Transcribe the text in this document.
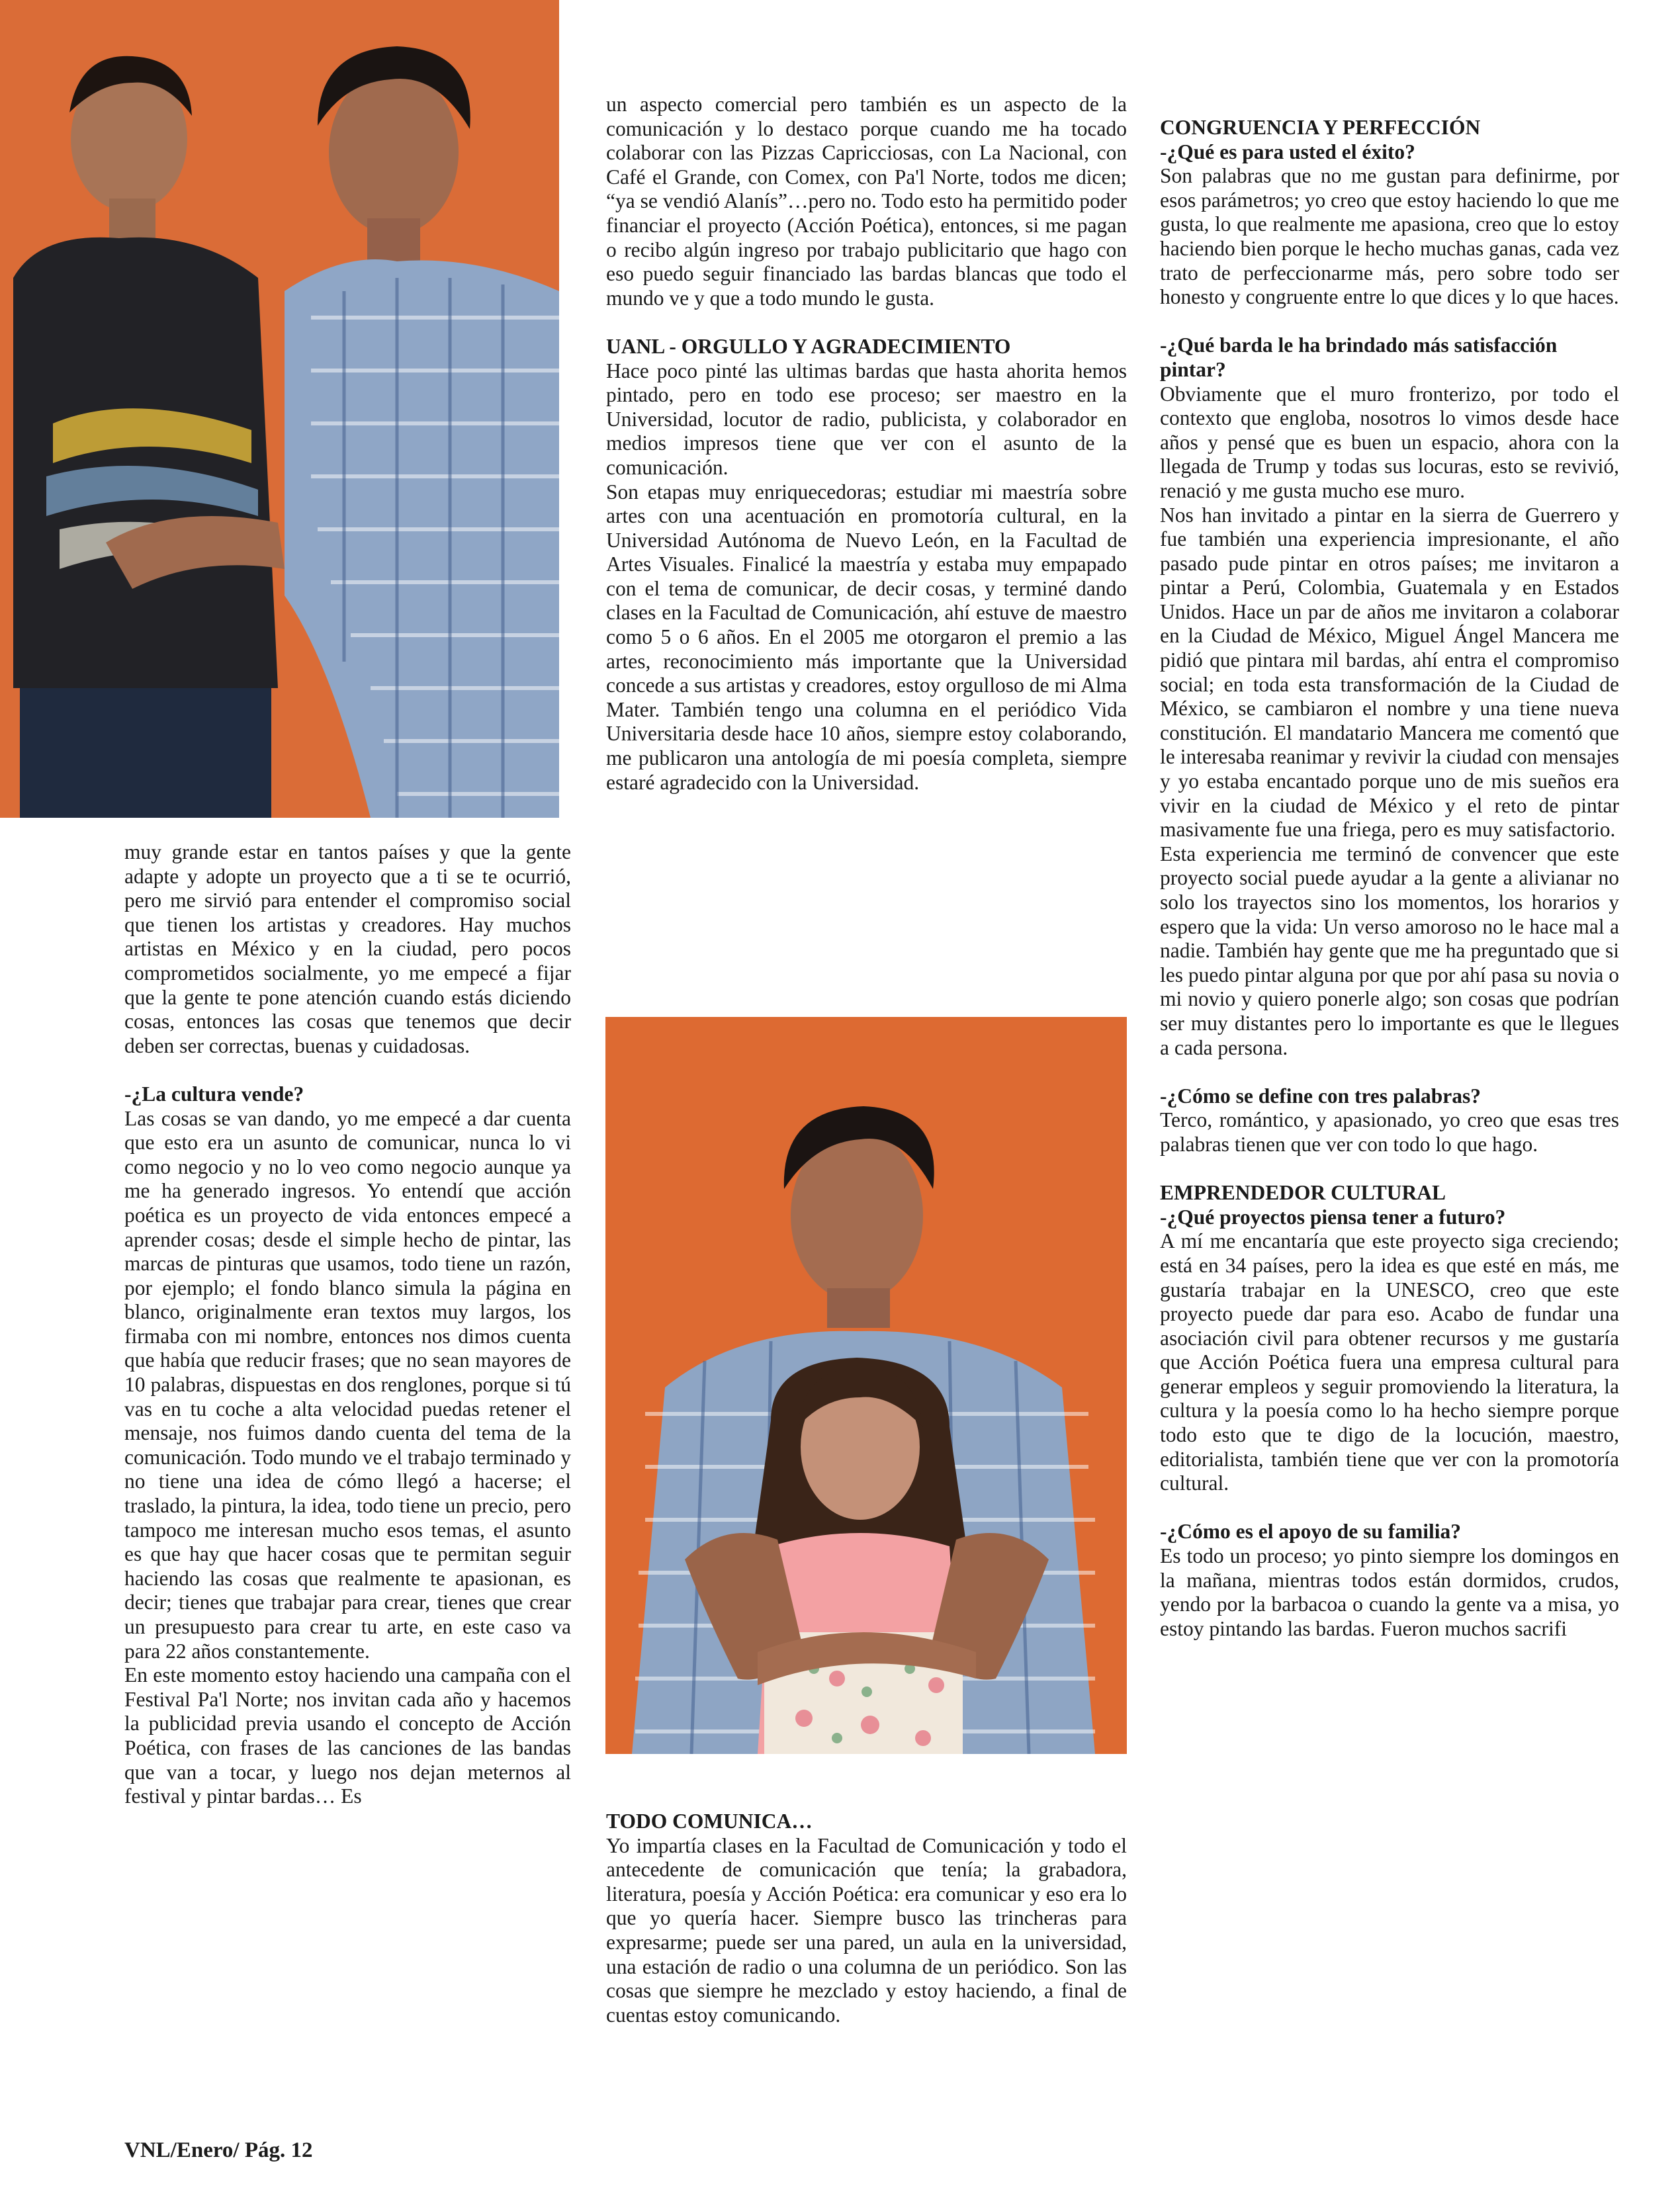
muy grande estar en tantos países y que la gente adapte y adopte un proyecto que a ti se te ocurrió, pero me sirvió para entender el compromiso social que tienen los artistas y creadores. Hay muchos artistas en México y en la ciudad, pero pocos comprometidos socialmente, yo me empecé a fijar que la gente te pone atención cuando estás diciendo cosas, entonces las cosas que tenemos que decir deben ser correctas, buenas y cuidadosas.

-¿La cultura vende?

Las cosas se van dando, yo me empecé a dar cuenta que esto era un asunto de comunicar, nunca lo vi como negocio y no lo veo como negocio aunque ya me ha generado ingresos. Yo entendí que acción poética es un proyecto de vida entonces empecé a aprender cosas; desde el simple hecho de pintar, las marcas de pinturas que usamos, todo tiene un razón, por ejemplo; el fondo blanco simula la página en blanco, originalmente eran textos muy largos, los firmaba con mi nombre, entonces nos dimos cuenta que había que reducir frases; que no sean mayores de 10 palabras, dispuestas en dos renglones, porque si tú vas en tu coche a alta velocidad puedas retener el mensaje, nos fuimos dando cuenta del tema de la comunicación. Todo mundo ve el trabajo terminado y no tiene una idea de cómo llegó a hacerse; el traslado, la pintura, la idea, todo tiene un precio, pero tampoco me interesan mucho esos temas, el asunto es que hay que hacer cosas que te permitan seguir haciendo las cosas que realmente te apasionan, es decir; tienes que trabajar para crear, tienes que crear un presupuesto para crear tu arte, en este caso va para 22 años constantemente.

En este momento estoy haciendo una campaña con el Festival Pa'l Norte; nos invitan cada año y hacemos la publicidad previa usando el concepto de Acción Poética, con frases de las canciones de las bandas que van a tocar, y luego nos dejan meternos al festival y pintar bardas… Es

un aspecto comercial pero también es un aspecto de la comunicación y lo destaco porque cuando me ha tocado colaborar con las Pizzas Capricciosas, con La Nacional, con Café el Grande, con Comex, con Pa'l Norte, todos me dicen; “ya se vendió Alanís”…pero no. Todo esto ha permitido poder financiar el proyecto (Acción Poética), entonces, si me pagan o recibo algún ingreso por trabajo publicitario que hago con eso puedo seguir financiado las bardas blancas que todo el mundo ve y que a todo mundo le gusta.

UANL - ORGULLO Y AGRADECIMIENTO

Hace poco pinté las ultimas bardas que hasta ahorita hemos pintado, pero en todo ese proceso; ser maestro en la Universidad, locutor de radio, publicista, y colaborador en medios impresos tiene que ver con el asunto de la comunicación.

Son etapas muy enriquecedoras; estudiar mi maestría sobre artes con una acentuación en promotoría cultural, en la Universidad Autónoma de Nuevo León, en la Facultad de Artes Visuales. Finalicé la maestría y estaba muy empapado con el tema de comunicar, de decir cosas, y terminé dando clases en la Facultad de Comunicación, ahí estuve de maestro como 5 o 6 años. En el 2005 me otorgaron el premio a las artes, reconocimiento más importante que la Universidad concede a sus artistas y creadores, estoy orgulloso de mi Alma Mater. También tengo una columna en el periódico Vida Universitaria desde hace 10 años, siempre estoy colaborando, me publicaron una antología de mi poesía completa, siempre estaré agradecido con la Universidad.

TODO COMUNICA…

Yo impartía clases en la Facultad de Comunicación y todo el antecedente de comunicación que tenía; la grabadora, literatura, poesía y Acción Poética: era comunicar y eso era lo que yo quería hacer. Siempre busco las trincheras para expresarme; puede ser una pared, un aula en la universidad, una estación de radio o una columna de un periódico. Son las cosas que siempre he mezclado y estoy haciendo, a final de cuentas estoy comunicando.

CONGRUENCIA Y PERFECCIÓN

-¿Qué es para usted el éxito?

Son palabras que no me gustan para definirme, por esos parámetros; yo creo que estoy haciendo lo que me gusta, lo que realmente me apasiona, creo que lo estoy haciendo bien porque le hecho muchas ganas, cada vez trato de perfeccionarme más, pero sobre todo ser honesto y congruente entre lo que dices y lo que haces.

-¿Qué barda le ha brindado más satisfacción pintar?

Obviamente que el muro fronterizo, por todo el contexto que engloba, nosotros lo vimos desde hace años y pensé que es buen un espacio, ahora con la llegada de Trump y todas sus locuras, esto se revivió, renació y me gusta mucho ese muro.

Nos han invitado a pintar en la sierra de Guerrero y fue también una experiencia impresionante, el año pasado pude pintar en otros países; me invitaron a pintar a Perú, Colombia, Guatemala y en Estados Unidos. Hace un par de años me invitaron a colaborar en la Ciudad de México, Miguel Ángel Mancera me pidió que pintara mil bardas, ahí entra el compromiso social; en toda esta transformación de la Ciudad de México, se cambiaron el nombre y una tiene nueva constitución. El mandatario Mancera me comentó que le interesaba reanimar y revivir la ciudad con mensajes y yo estaba encantado porque uno de mis sueños era vivir en la ciudad de México y el reto de pintar masivamente fue una friega, pero es muy satisfactorio.

Esta experiencia me terminó de convencer que este proyecto social puede ayudar a la gente a alivianar no solo los trayectos sino los momentos, los horarios y espero que la vida: Un verso amoroso no le hace mal a nadie. También hay gente que me ha preguntado que si les puedo pintar alguna por que por ahí pasa su novia o mi novio y quiero ponerle algo; son cosas que podrían ser muy distantes pero lo importante es que le llegues a cada persona.

-¿Cómo se define con tres palabras?

Terco, romántico, y apasionado, yo creo que esas tres palabras tienen que ver con todo lo que hago.

EMPRENDEDOR CULTURAL

-¿Qué proyectos piensa tener a futuro?

A mí me encantaría que este proyecto siga creciendo; está en 34 países, pero la idea es que esté en más, me gustaría trabajar en la UNESCO, creo que este proyecto puede dar para eso. Acabo de fundar una asociación civil para obtener recursos y me gustaría que Acción Poética fuera una empresa cultural para generar empleos y seguir promoviendo la literatura, la cultura y la poesía como lo ha hecho siempre porque todo esto que te digo de la locución, maestro, editorialista, también tiene que ver con la promotoría cultural.

-¿Cómo es el apoyo de su familia?

Es todo un proceso; yo pinto siempre los domingos en la mañana, mientras todos están dormidos, crudos, yendo por la barbacoa o cuando la gente va a misa, yo estoy pintando las bardas. Fueron muchos sacrifi

VNL/Enero/ Pág. 12
